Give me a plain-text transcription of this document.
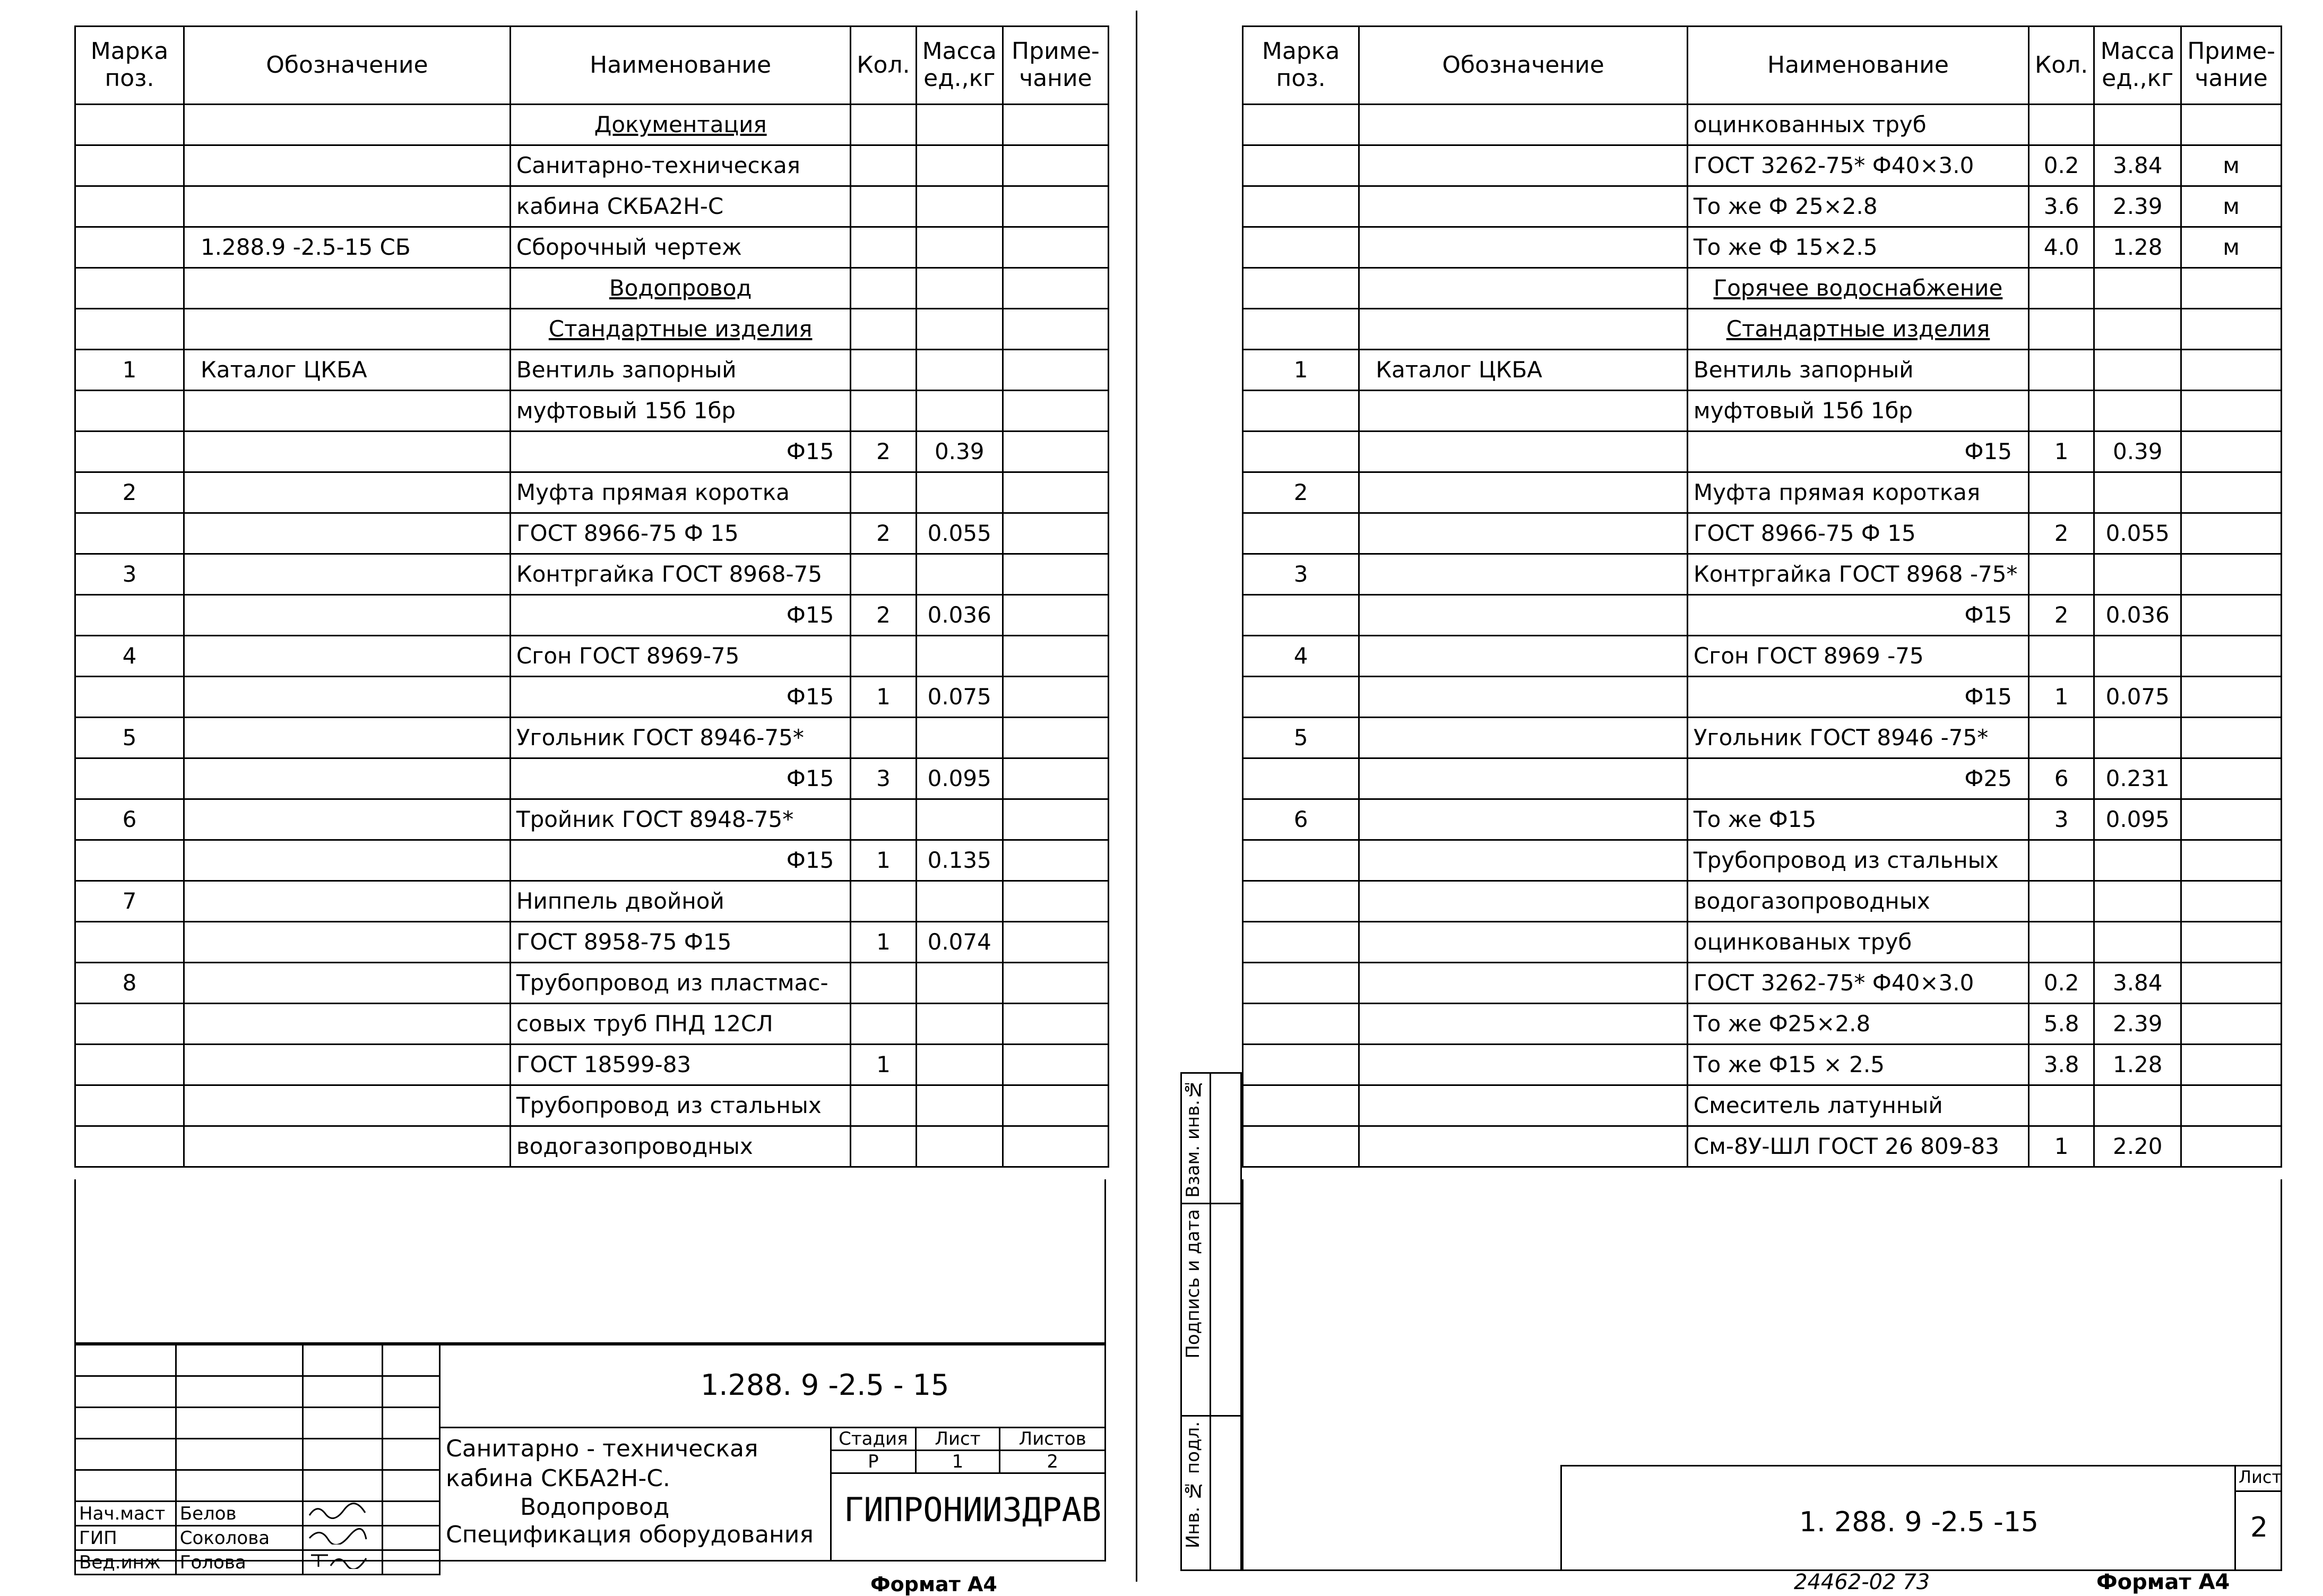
Марка поз.	Обозначение	Наименование	Кол.	Масса ед.,кг	Приме- чание
		Документация			
		Санитарно-техническая			
		кабина СКБА2Н-С			
	1.288.9 -2.5-15 СБ	Сборочный чертеж			
		Водопровод			
		Стандартные изделия			
1	Каталог ЦКБА	Вентиль запорный			
		муфтовый 15б 1бр			
		Ф15	2	0.39	
2		Муфта прямая коротка			
		ГОСТ 8966-75 Ф 15	2	0.055	
3		Контргайка ГОСТ 8968-75			
		Ф15	2	0.036	
4		Сгон ГОСТ 8969-75			
		Ф15	1	0.075	
5		Угольник ГОСТ 8946-75*			
		Ф15	3	0.095	
6		Тройник ГОСТ 8948-75*			
		Ф15	1	0.135	
7		Ниппель двойной			
		ГОСТ 8958-75 Ф15	1	0.074	
8		Трубопровод из пластмас-			
		совых труб ПНД 12СЛ			
		ГОСТ 18599-83	1		
		Трубопровод из стальных			
		водогазопроводных			

Нач.маст	Белов		
ГИП	Соколова		
Вед.инж	Голова		
1.288. 9 -2.5 - 15
Санитарно - техническая
кабина СКБА2Н-С.
Водопровод
Спецификация оборудования
Стадия	Лист	Листов
Р	1	2
ГИПРОНИИЗДРАВ
Формат А4
Марка поз.	Обозначение	Наименование	Кол.	Масса ед.,кг	Приме- чание
		оцинкованных труб			
		ГОСТ 3262-75* Ф40×3.0	0.2	3.84	м
		То же Ф 25×2.8	3.6	2.39	м
		То же Ф 15×2.5	4.0	1.28	м
		Горячее водоснабжение			
		Стандартные изделия			
1	Каталог ЦКБА	Вентиль запорный			
		муфтовый 15б 1бр			
		Ф15	1	0.39	
2		Муфта прямая короткая			
		ГОСТ 8966-75 Ф 15	2	0.055	
3		Контргайка ГОСТ 8968 -75*			
		Ф15	2	0.036	
4		Сгон ГОСТ 8969 -75			
		Ф15	1	0.075	
5		Угольник ГОСТ 8946 -75*			
		Ф25	6	0.231	
6		То же Ф15	3	0.095	
		Трубопровод из стальных			
		водогазопроводных			
		оцинкованых труб			
		ГОСТ 3262-75* Ф40×3.0	0.2	3.84	
		То же Ф25×2.8	5.8	2.39	
		То же Ф15 × 2.5	3.8	1.28	
		Смеситель латунный			
		См-8У-ШЛ ГОСТ 26 809-83	1	2.20	
Инв. № подл.
Подпись и дата
Взам. инв.№
Лист
2
1. 288. 9 -2.5 -15
24462-02 73	Формат А4
